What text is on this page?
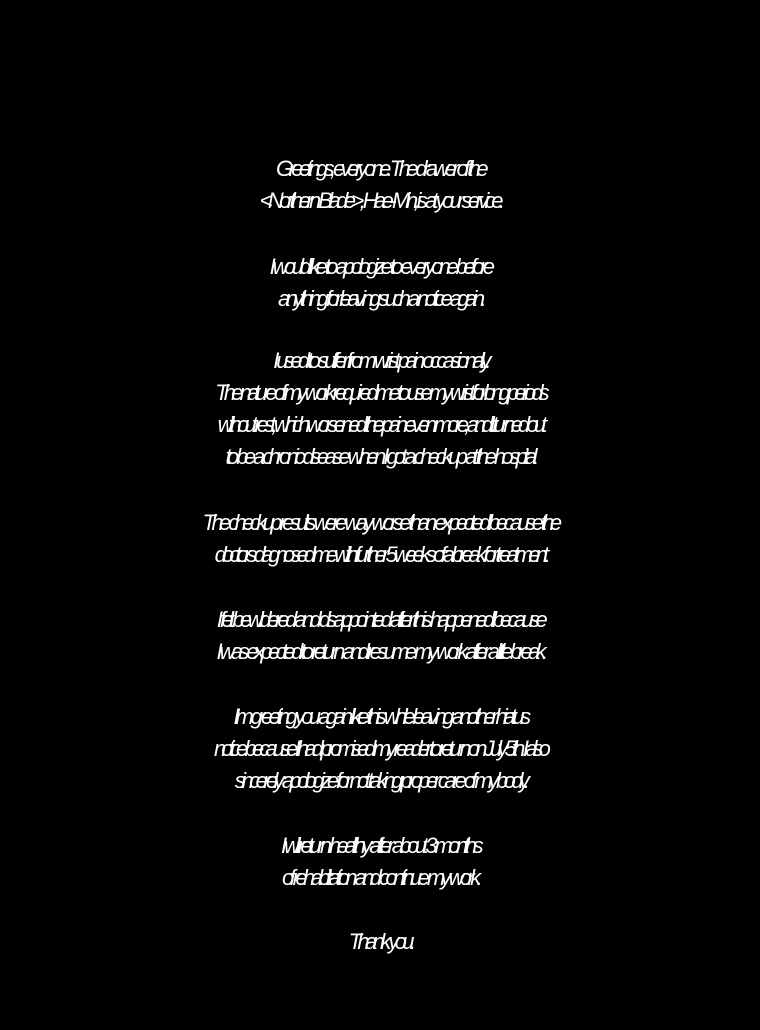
Greetings, everyone. The drawer of the
<Northern Blade>, Hae-Min, is at your service.

I would like to apologize to everyone before
anything for leaving such a notice again.

I used to suffer from wrist pain occasionally.
The nature of my work required me to use my wrist for long periods
without rest, which worsened the pain even more, and it turned out
to be a chronic disease when I got a checkup at the hospital.

The checkup results were way worse than expected because the
doctors diagnosed me with further 5 weeks of a break for treatment.

I felt bewildered and disappointed after this happened because
I was expected to return and resume my work after a little break.

I’m greeting you again like this while leaving another hiatus
notice because I had promised my reader to return on July 5th. I also
sincerely apologize for not taking proper care of my body.

I will return healthy after about 3 months
of rehabilitation and continue my work.

Thank you.
